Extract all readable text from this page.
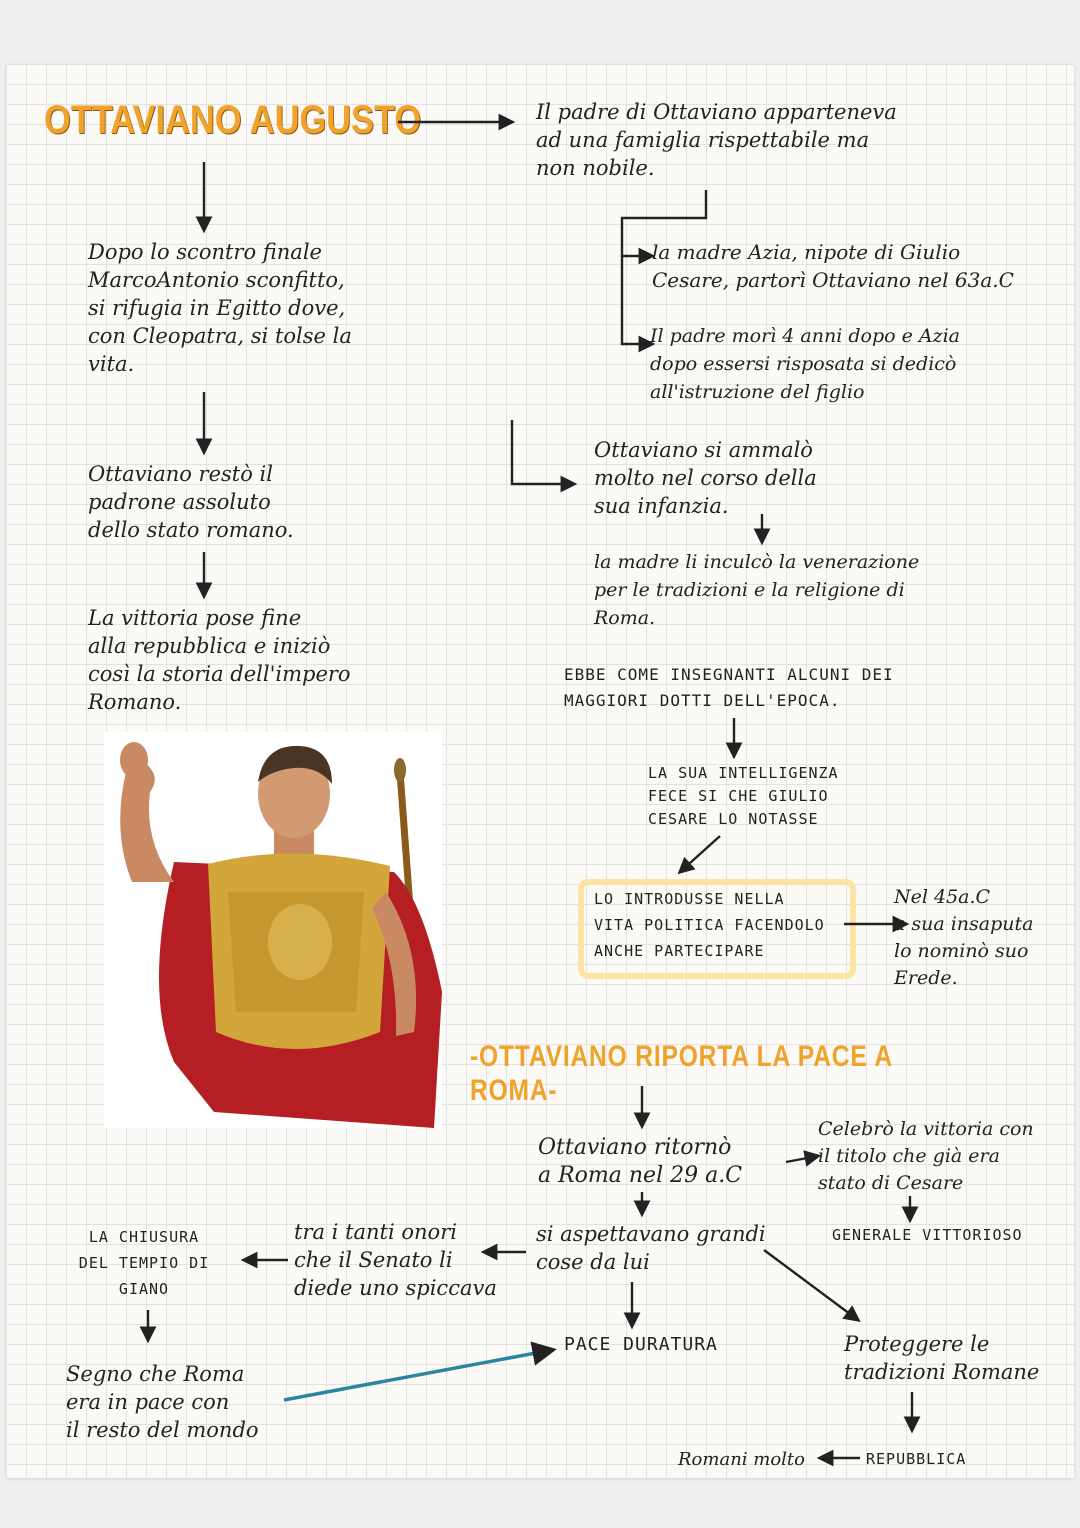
OTTAVIANO AUGUSTO

Dopo lo scontro finale
MarcoAntonio sconfitto,
si rifugia in Egitto dove,
con Cleopatra, si tolse la
vita.

Ottaviano restò il
padrone assoluto
dello stato romano.

La vittoria pose fine
alla repubblica e iniziò
così la storia dell'impero
Romano.

Il padre di Ottaviano apparteneva
ad una famiglia rispettabile ma
non nobile.

la madre Azia, nipote di Giulio
Cesare, partorì Ottaviano nel 63a.C

Il padre morì 4 anni dopo e Azia
dopo essersi risposata si dedicò
all'istruzione del figlio

Ottaviano si ammalò
molto nel corso della
sua infanzia.

la madre li inculcò la venerazione
per le tradizioni e la religione di
Roma.

EBBE COME INSEGNANTI ALCUNI DEI
MAGGIORI DOTTI DELL'EPOCA.

LA SUA INTELLIGENZA
FECE SI CHE GIULIO
CESARE LO NOTASSE

LO INTRODUSSE NELLA
VITA POLITICA FACENDOLO
ANCHE PARTECIPARE

Nel 45a.C
a sua insaputa
lo nominò suo
Erede.

-OTTAVIANO RIPORTA LA PACE A ROMA-

Ottaviano ritornò
a Roma nel 29 a.C

Celebrò la vittoria con
il titolo che già era
stato di Cesare

GENERALE VITTORIOSO

si aspettavano grandi
cose da lui

tra i tanti onori
che il Senato li
diede uno spiccava

LA CHIUSURA
DEL TEMPIO DI
GIANO

Segno che Roma
era in pace con
il resto del mondo

PACE DURATURA	Proteggere le
tradizioni Romane

Romani molto	REPUBBLICA
